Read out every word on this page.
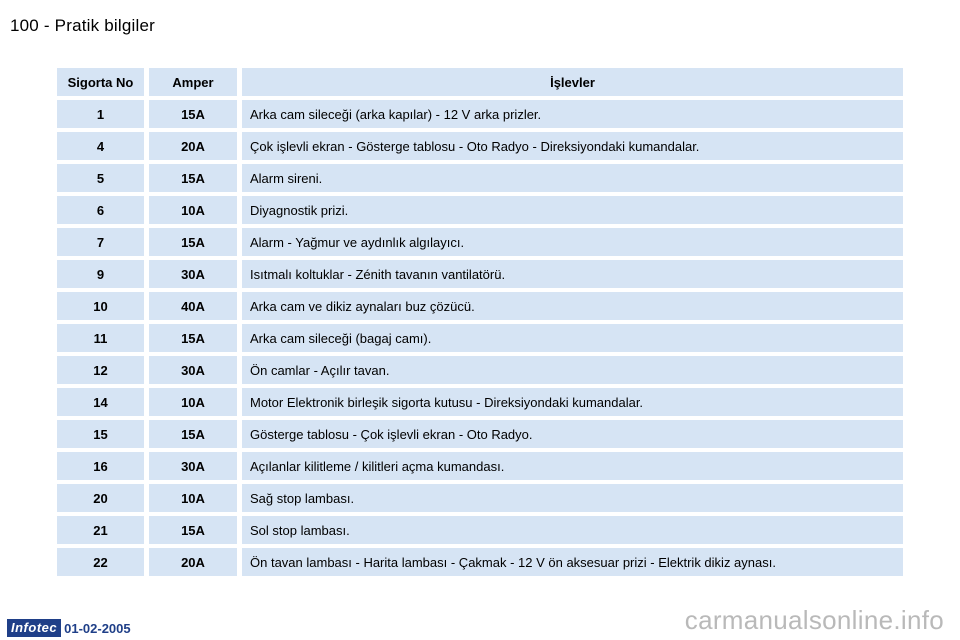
100 - Pratik bilgiler
Sigorta No	Amper	İşlevler
1	15A	Arka cam sileceği (arka kapılar) - 12 V arka prizler.
4	20A	Çok işlevli ekran - Gösterge tablosu - Oto Radyo - Direksiyondaki kumandalar.
5	15A	Alarm sireni.
6	10A	Diyagnostik prizi.
7	15A	Alarm - Yağmur ve aydınlık algılayıcı.
9	30A	Isıtmalı koltuklar - Zénith tavanın vantilatörü.
10	40A	Arka cam ve dikiz aynaları buz çözücü.
11	15A	Arka cam sileceği (bagaj camı).
12	30A	Ön camlar - Açılır tavan.
14	10A	Motor Elektronik birleşik sigorta kutusu - Direksiyondaki kumandalar.
15	15A	Gösterge tablosu - Çok işlevli ekran - Oto Radyo.
16	30A	Açılanlar kilitleme / kilitleri açma kumandası.
20	10A	Sağ stop lambası.
21	15A	Sol stop lambası.
22	20A	Ön tavan lambası - Harita lambası - Çakmak - 12 V ön aksesuar prizi - Elektrik dikiz aynası.
Infotec 01-02-2005	carmanualsonline.info
